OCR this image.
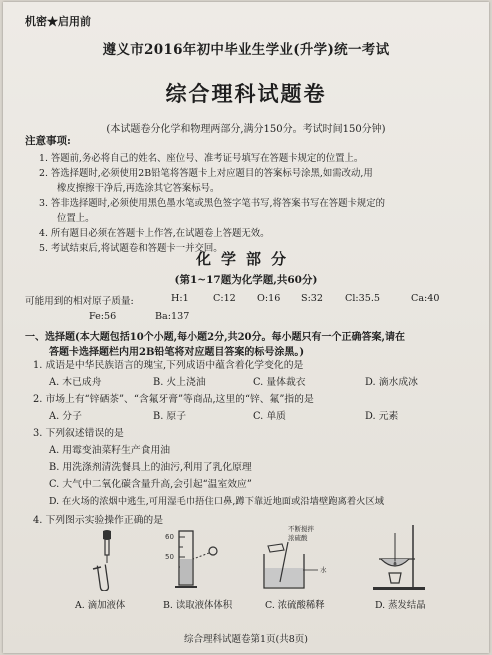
机密★启用前
遵义市2016年初中毕业生学业(升学)统一考试
综合理科试题卷
(本试题卷分化学和物理两部分,满分150分。考试时间150分钟)
注意事项:
1. 答题前,务必将自己的姓名、座位号、准考证号填写在答题卡规定的位置上。
2. 答选择题时,必须使用2B铅笔将答题卡上对应题目的答案标号涂黑,如需改动,用
橡皮擦擦干净后,再选涂其它答案标号。
3. 答非选择题时,必须使用黑色墨水笔或黑色签字笔书写,将答案书写在答题卡规定的
位置上。
4. 所有题目必须在答题卡上作答,在试题卷上答题无效。
5. 考试结束后,将试题卷和答题卡一并交回。
化学部分
(第1~17题为化学题,共60分)
可能用到的相对原子质量:	H:1	C:12 O:16 S:32 Cl:35.5	Ca:40
Fe:56	Ba:137
一、选择题(本大题包括10个小题,每小题2分,共20分。每小题只有一个正确答案,请在
答题卡选择题栏内用2B铅笔将对应题目答案的标号涂黑。)
1. 成语是中华民族语言的瑰宝,下列成语中蕴含着化学变化的是
A. 木已成舟	B. 火上浇油	C. 量体裁衣	D. 滴水成冰
2. 市场上有“锌硒茶”、“含氟牙膏”等商品,这里的“锌、氟”指的是
A. 分子	B. 原子	C. 单质	D. 元素
3. 下列叙述错误的是
A. 用霉变油菜籽生产食用油
B. 用洗涤剂清洗餐具上的油污,利用了乳化原理
C. 大气中二氧化碳含量升高,会引起“温室效应”
D. 在火场的浓烟中逃生,可用湿毛巾捂住口鼻,蹲下靠近地面或沿墙壁跑离着火区域
4. 下列图示实验操作正确的是
60
50
不断搅拌
浓硫酸
水
A. 滴加液体	B. 读取液体体积	C. 浓硫酸稀释	D. 蒸发结晶
综合理科试题卷第1页(共8页)
